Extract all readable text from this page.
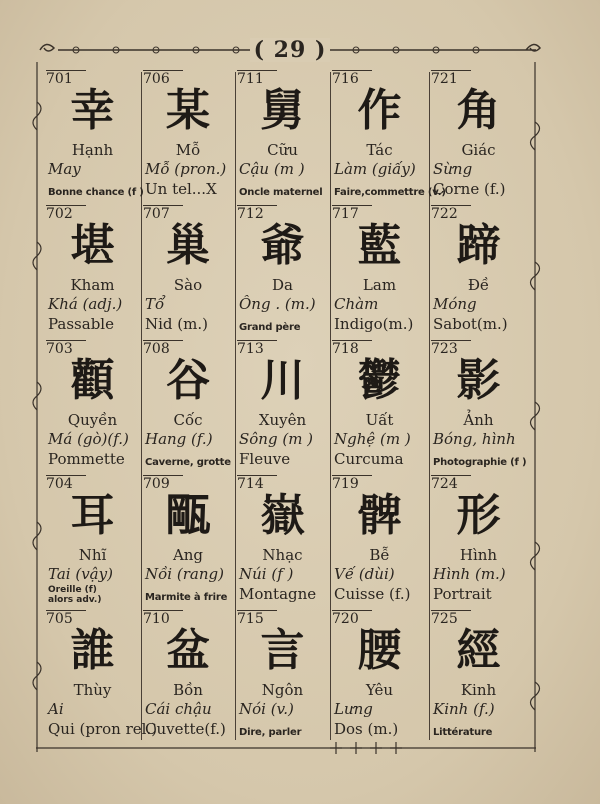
( 29 )
701
幸
Hạnh
May
Bonne chance (f )
706
某
Mỗ
Mỗ (pron.)
Un tel...X
711
舅
Cữu
Cậu (m )
Oncle maternel
716
作
Tác
Làm (giấy)
Faire,commettre (v.)
721
角
Giác
Sừng
Corne (f.)
702
堪
Kham
Khá (adj.)
Passable
707
巢
Sào
Tổ
Nid (m.)
712
爺
Da
Ông . (m.)
Grand père
717
藍
Lam
Chàm
Indigo(m.)
722
蹄
Đề
Móng
Sabot(m.)
703
顴
Quyền
Má (gò)(f.)
Pommette
708
谷
Cốc
Hang (f.)
Caverne, grotte
713
川
Xuyên
Sông (m )
Fleuve
718
鬱
Uất
Nghệ (m )
Curcuma
723
影
Ảnh
Bóng, hình
Photographie (f )
704
耳
Nhĩ
Tai (vậy)
Oreille (f)
alors adv.)
709
𤭛
Ang
Nồi (rang)
Marmite à frire
714
嶽
Nhạc
Núi (f )
Montagne
719
髀
Bễ
Vế (dùi)
Cuisse (f.)
724
形
Hình
Hình (m.)
Portrait
705
誰
Thùy
Ai
Qui (pron rel.)
710
盆
Bồn
Cái chậu
Cuvette(f.)
715
言
Ngôn
Nói (v.)
Dire, parler
720
腰
Yêu
Lưng
Dos (m.)
725
經
Kinh
Kinh (f.)
Littérature
